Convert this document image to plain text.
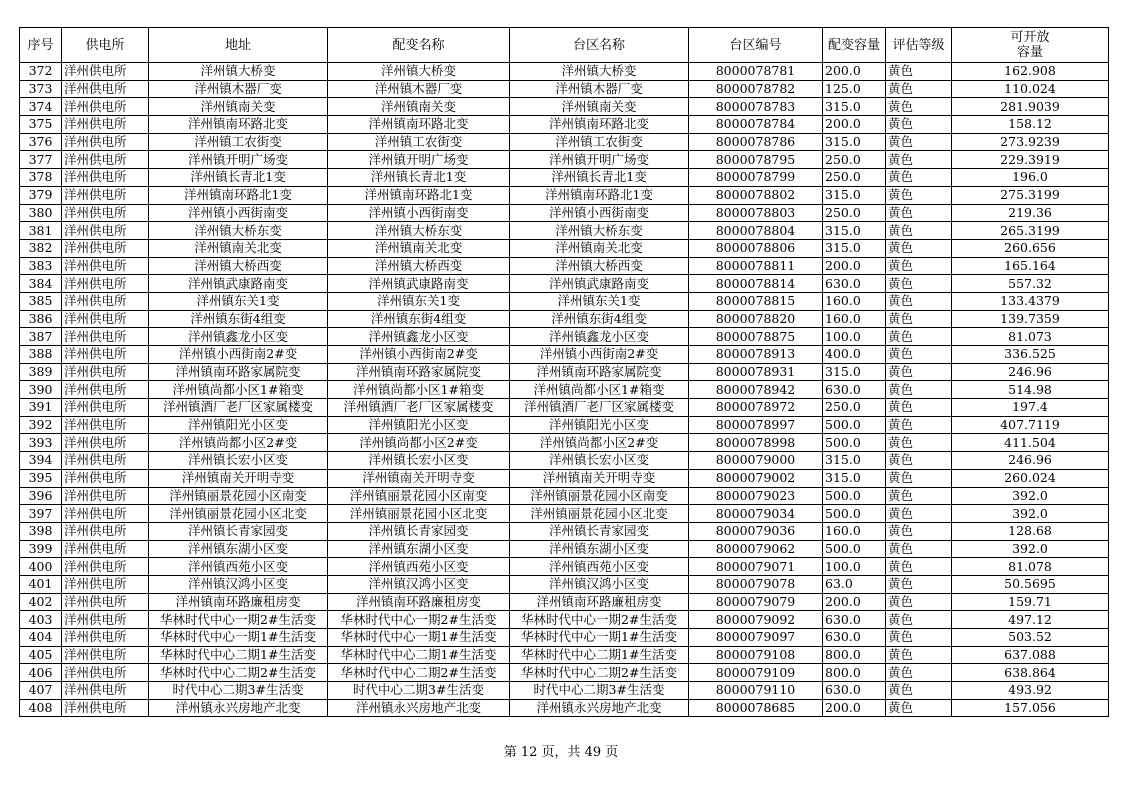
序号	供电所	地址	配变名称	台区名称	台区编号	配变容量	评估等级	可开放
容量
372	洋州供电所	洋州镇大桥变	洋州镇大桥变	洋州镇大桥变	8000078781	200.0	黄色	162.908
373	洋州供电所	洋州镇木器厂变	洋州镇木器厂变	洋州镇木器厂变	8000078782	125.0	黄色	110.024
374	洋州供电所	洋州镇南关变	洋州镇南关变	洋州镇南关变	8000078783	315.0	黄色	281.9039
375	洋州供电所	洋州镇南环路北变	洋州镇南环路北变	洋州镇南环路北变	8000078784	200.0	黄色	158.12
376	洋州供电所	洋州镇工农街变	洋州镇工农街变	洋州镇工农街变	8000078786	315.0	黄色	273.9239
377	洋州供电所	洋州镇开明广场变	洋州镇开明广场变	洋州镇开明广场变	8000078795	250.0	黄色	229.3919
378	洋州供电所	洋州镇长青北1变	洋州镇长青北1变	洋州镇长青北1变	8000078799	250.0	黄色	196.0
379	洋州供电所	洋州镇南环路北1变	洋州镇南环路北1变	洋州镇南环路北1变	8000078802	315.0	黄色	275.3199
380	洋州供电所	洋州镇小西街南变	洋州镇小西街南变	洋州镇小西街南变	8000078803	250.0	黄色	219.36
381	洋州供电所	洋州镇大桥东变	洋州镇大桥东变	洋州镇大桥东变	8000078804	315.0	黄色	265.3199
382	洋州供电所	洋州镇南关北变	洋州镇南关北变	洋州镇南关北变	8000078806	315.0	黄色	260.656
383	洋州供电所	洋州镇大桥西变	洋州镇大桥西变	洋州镇大桥西变	8000078811	200.0	黄色	165.164
384	洋州供电所	洋州镇武康路南变	洋州镇武康路南变	洋州镇武康路南变	8000078814	630.0	黄色	557.32
385	洋州供电所	洋州镇东关1变	洋州镇东关1变	洋州镇东关1变	8000078815	160.0	黄色	133.4379
386	洋州供电所	洋州镇东街4组变	洋州镇东街4组变	洋州镇东街4组变	8000078820	160.0	黄色	139.7359
387	洋州供电所	洋州镇鑫龙小区变	洋州镇鑫龙小区变	洋州镇鑫龙小区变	8000078875	100.0	黄色	81.073
388	洋州供电所	洋州镇小西街南2#变	洋州镇小西街南2#变	洋州镇小西街南2#变	8000078913	400.0	黄色	336.525
389	洋州供电所	洋州镇南环路家属院变	洋州镇南环路家属院变	洋州镇南环路家属院变	8000078931	315.0	黄色	246.96
390	洋州供电所	洋州镇尚都小区1#箱变	洋州镇尚都小区1#箱变	洋州镇尚都小区1#箱变	8000078942	630.0	黄色	514.98
391	洋州供电所	洋州镇酒厂老厂区家属楼变	洋州镇酒厂老厂区家属楼变	洋州镇酒厂老厂区家属楼变	8000078972	250.0	黄色	197.4
392	洋州供电所	洋州镇阳光小区变	洋州镇阳光小区变	洋州镇阳光小区变	8000078997	500.0	黄色	407.7119
393	洋州供电所	洋州镇尚都小区2#变	洋州镇尚都小区2#变	洋州镇尚都小区2#变	8000078998	500.0	黄色	411.504
394	洋州供电所	洋州镇长宏小区变	洋州镇长宏小区变	洋州镇长宏小区变	8000079000	315.0	黄色	246.96
395	洋州供电所	洋州镇南关开明寺变	洋州镇南关开明寺变	洋州镇南关开明寺变	8000079002	315.0	黄色	260.024
396	洋州供电所	洋州镇丽景花园小区南变	洋州镇丽景花园小区南变	洋州镇丽景花园小区南变	8000079023	500.0	黄色	392.0
397	洋州供电所	洋州镇丽景花园小区北变	洋州镇丽景花园小区北变	洋州镇丽景花园小区北变	8000079034	500.0	黄色	392.0
398	洋州供电所	洋州镇长青家园变	洋州镇长青家园变	洋州镇长青家园变	8000079036	160.0	黄色	128.68
399	洋州供电所	洋州镇东湖小区变	洋州镇东湖小区变	洋州镇东湖小区变	8000079062	500.0	黄色	392.0
400	洋州供电所	洋州镇西苑小区变	洋州镇西苑小区变	洋州镇西苑小区变	8000079071	100.0	黄色	81.078
401	洋州供电所	洋州镇汉鸿小区变	洋州镇汉鸿小区变	洋州镇汉鸿小区变	8000079078	63.0	黄色	50.5695
402	洋州供电所	洋州镇南环路廉租房变	洋州镇南环路廉租房变	洋州镇南环路廉租房变	8000079079	200.0	黄色	159.71
403	洋州供电所	华林时代中心一期2#生活变	华林时代中心一期2#生活变	华林时代中心一期2#生活变	8000079092	630.0	黄色	497.12
404	洋州供电所	华林时代中心一期1#生活变	华林时代中心一期1#生活变	华林时代中心一期1#生活变	8000079097	630.0	黄色	503.52
405	洋州供电所	华林时代中心二期1#生活变	华林时代中心二期1#生活变	华林时代中心二期1#生活变	8000079108	800.0	黄色	637.088
406	洋州供电所	华林时代中心二期2#生活变	华林时代中心二期2#生活变	华林时代中心二期2#生活变	8000079109	800.0	黄色	638.864
407	洋州供电所	时代中心二期3#生活变	时代中心二期3#生活变	时代中心二期3#生活变	8000079110	630.0	黄色	493.92
408	洋州供电所	洋州镇永兴房地产北变	洋州镇永兴房地产北变	洋州镇永兴房地产北变	8000078685	200.0	黄色	157.056
第 12 页，共 49 页
